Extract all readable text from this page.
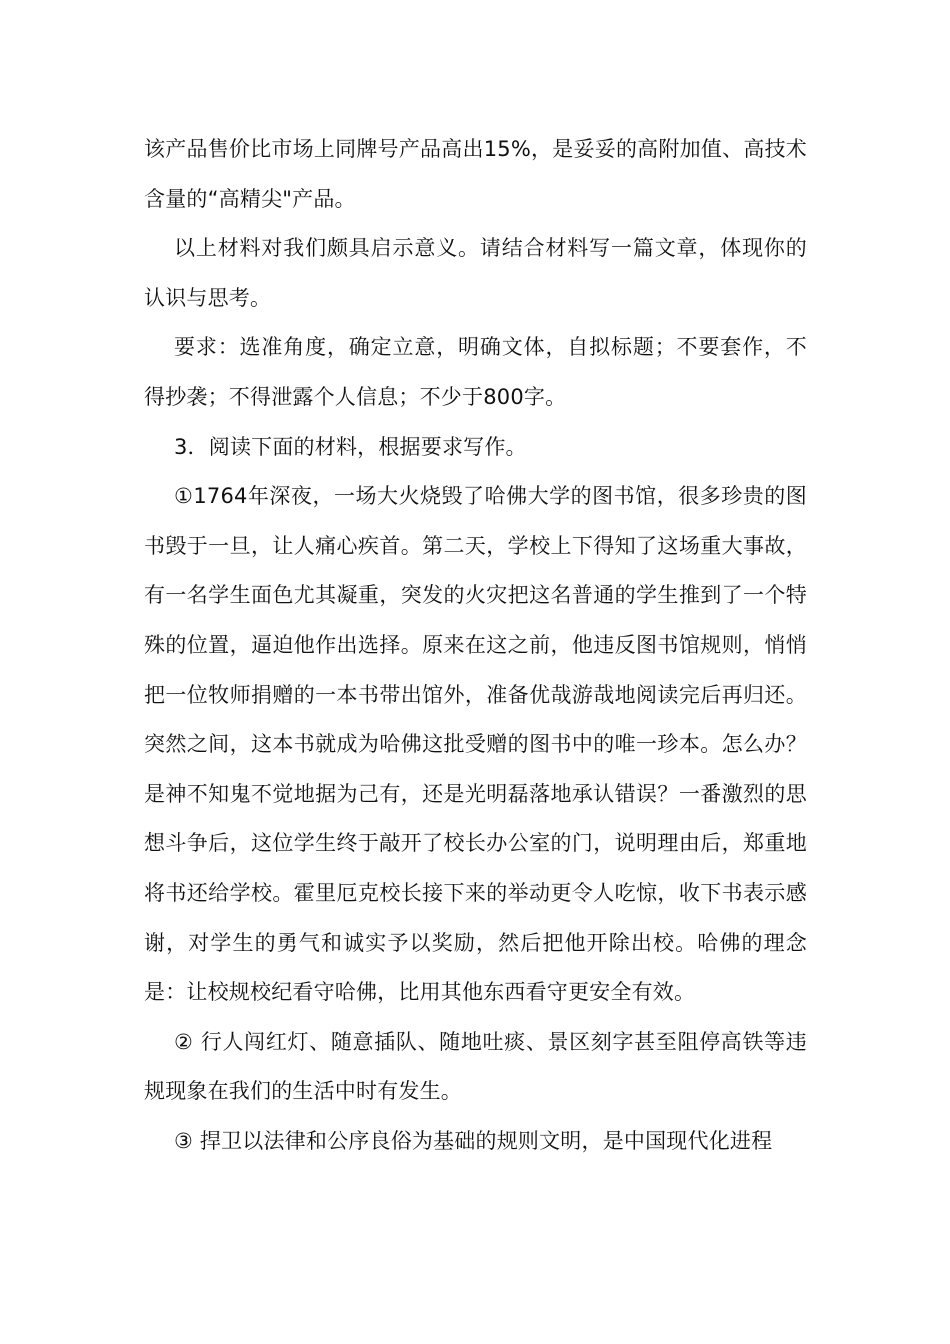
该产品售价比市场上同牌号产品高出15%，是妥妥的高附加值、高技术含量的“高精尖"产品。

以上材料对我们颇具启示意义。请结合材料写一篇文章，体现你的认识与思考。

要求：选准角度，确定立意，明确文体，自拟标题；不要套作，不得抄袭；不得泄露个人信息；不少于800字。

3．阅读下面的材料，根据要求写作。

①1764年深夜，一场大火烧毁了哈佛大学的图书馆，很多珍贵的图书毁于一旦，让人痛心疾首。第二天，学校上下得知了这场重大事故，有一名学生面色尤其凝重，突发的火灾把这名普通的学生推到了一个特殊的位置，逼迫他作出选择。原来在这之前，他违反图书馆规则，悄悄把一位牧师捐赠的一本书带出馆外，准备优哉游哉地阅读完后再归还。突然之间，这本书就成为哈佛这批受赠的图书中的唯一珍本。怎么办？是神不知鬼不觉地据为己有，还是光明磊落地承认错误？一番激烈的思想斗争后，这位学生终于敲开了校长办公室的门，说明理由后，郑重地将书还给学校。霍里厄克校长接下来的举动更令人吃惊，收下书表示感谢，对学生的勇气和诚实予以奖励，然后把他开除出校。哈佛的理念是：让校规校纪看守哈佛，比用其他东西看守更安全有效。

② 行人闯红灯、随意插队、随地吐痰、景区刻字甚至阻停高铁等违规现象在我们的生活中时有发生。

③ 捍卫以法律和公序良俗为基础的规则文明，是中国现代化进程
